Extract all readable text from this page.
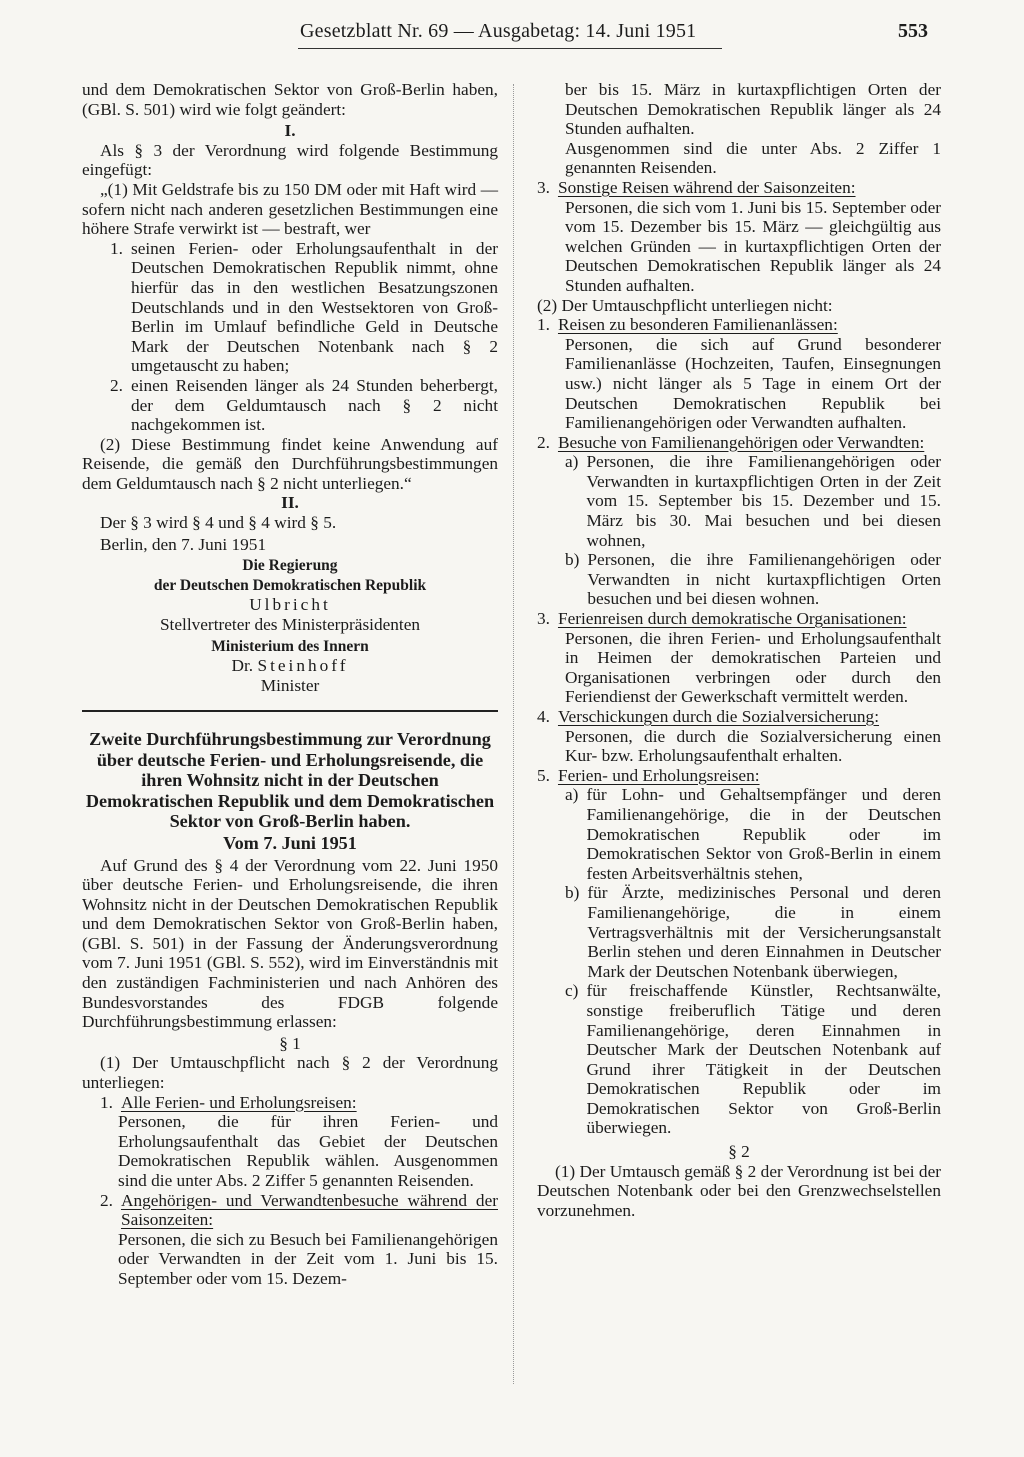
Gesetzblatt Nr. 69 — Ausgabetag: 14. Juni 1951	553

und dem Demokratischen Sektor von Groß-Berlin haben, (GBl. S. 501) wird wie folgt geändert:

I.

Als § 3 der Verordnung wird folgende Bestimmung eingefügt:

„(1) Mit Geldstrafe bis zu 150 DM oder mit Haft wird — sofern nicht nach anderen gesetzlichen Bestimmungen eine höhere Strafe verwirkt ist — bestraft, wer

1. seinen Ferien- oder Erholungsaufenthalt in der Deutschen Demokratischen Republik nimmt, ohne hierfür das in den westlichen Besatzungszonen Deutschlands und in den Westsektoren von Groß-Berlin im Umlauf befindliche Geld in Deutsche Mark der Deutschen Notenbank nach § 2 umgetauscht zu haben;
2. einen Reisenden länger als 24 Stunden beherbergt, der dem Geldumtausch nach § 2 nicht nachgekommen ist.

(2) Diese Bestimmung findet keine Anwendung auf Reisende, die gemäß den Durchführungsbestimmungen dem Geldumtausch nach § 2 nicht unterliegen.“

II.

Der § 3 wird § 4 und § 4 wird § 5.

Berlin, den 7. Juni 1951

Die Regierung

der Deutschen Demokratischen Republik

Ulbricht

Stellvertreter des Ministerpräsidenten

Ministerium des Innern

Dr. Steinhoff

Minister

Zweite Durchführungsbestimmung zur Verordnung über deutsche Ferien- und Erholungsreisende, die ihren Wohnsitz nicht in der Deutschen Demokratischen Republik und dem Demokratischen Sektor von Groß-Berlin haben.

Vom 7. Juni 1951

Auf Grund des § 4 der Verordnung vom 22. Juni 1950 über deutsche Ferien- und Erholungsreisende, die ihren Wohnsitz nicht in der Deutschen Demokratischen Republik und dem Demokratischen Sektor von Groß-Berlin haben, (GBl. S. 501) in der Fassung der Änderungsverordnung vom 7. Juni 1951 (GBl. S. 552), wird im Einverständnis mit den zuständigen Fachministerien und nach Anhören des Bundesvorstandes des FDGB folgende Durchführungsbestimmung erlassen:

§ 1

(1) Der Umtauschpflicht nach § 2 der Verordnung unterliegen:

1. Alle Ferien- und Erholungsreisen:

Personen, die für ihren Ferien- und Erholungsaufenthalt das Gebiet der Deutschen Demokratischen Republik wählen. Ausgenommen sind die unter Abs. 2 Ziffer 5 genannten Reisenden.

2. Angehörigen- und Verwandtenbesuche während der Saisonzeiten:

Personen, die sich zu Besuch bei Familienangehörigen oder Verwandten in der Zeit vom 1. Juni bis 15. September oder vom 15. Dezem-

ber bis 15. März in kurtaxpflichtigen Orten der Deutschen Demokratischen Republik länger als 24 Stunden aufhalten.

Ausgenommen sind die unter Abs. 2 Ziffer 1 genannten Reisenden.

3. Sonstige Reisen während der Saisonzeiten:

Personen, die sich vom 1. Juni bis 15. September oder vom 15. Dezember bis 15. März — gleichgültig aus welchen Gründen — in kurtaxpflichtigen Orten der Deutschen Demokratischen Republik länger als 24 Stunden aufhalten.

(2) Der Umtauschpflicht unterliegen nicht:

1. Reisen zu besonderen Familienanlässen:

Personen, die sich auf Grund besonderer Familienanlässe (Hochzeiten, Taufen, Einsegnungen usw.) nicht länger als 5 Tage in einem Ort der Deutschen Demokratischen Republik bei Familienangehörigen oder Verwandten aufhalten.

2. Besuche von Familienangehörigen oder Verwandten:
a) Personen, die ihre Familienangehörigen oder Verwandten in kurtaxpflichtigen Orten in der Zeit vom 15. September bis 15. Dezember und 15. März bis 30. Mai besuchen und bei diesen wohnen,
b) Personen, die ihre Familienangehörigen oder Verwandten in nicht kurtaxpflichtigen Orten besuchen und bei diesen wohnen.
3. Ferienreisen durch demokratische Organisationen:

Personen, die ihren Ferien- und Erholungsaufenthalt in Heimen der demokratischen Parteien und Organisationen verbringen oder durch den Feriendienst der Gewerkschaft vermittelt werden.

4. Verschickungen durch die Sozialversicherung:

Personen, die durch die Sozialversicherung einen Kur- bzw. Erholungsaufenthalt erhalten.

5. Ferien- und Erholungsreisen:
a) für Lohn- und Gehaltsempfänger und deren Familienangehörige, die in der Deutschen Demokratischen Republik oder im Demokratischen Sektor von Groß-Berlin in einem festen Arbeitsverhältnis stehen,
b) für Ärzte, medizinisches Personal und deren Familienangehörige, die in einem Vertragsverhältnis mit der Versicherungsanstalt Berlin stehen und deren Einnahmen in Deutscher Mark der Deutschen Notenbank überwiegen,
c) für freischaffende Künstler, Rechtsanwälte, sonstige freiberuflich Tätige und deren Familienangehörige, deren Einnahmen in Deutscher Mark der Deutschen Notenbank auf Grund ihrer Tätigkeit in der Deutschen Demokratischen Republik oder im Demokratischen Sektor von Groß-Berlin überwiegen.

§ 2

(1) Der Umtausch gemäß § 2 der Verordnung ist bei der Deutschen Notenbank oder bei den Grenzwechselstellen vorzunehmen.
